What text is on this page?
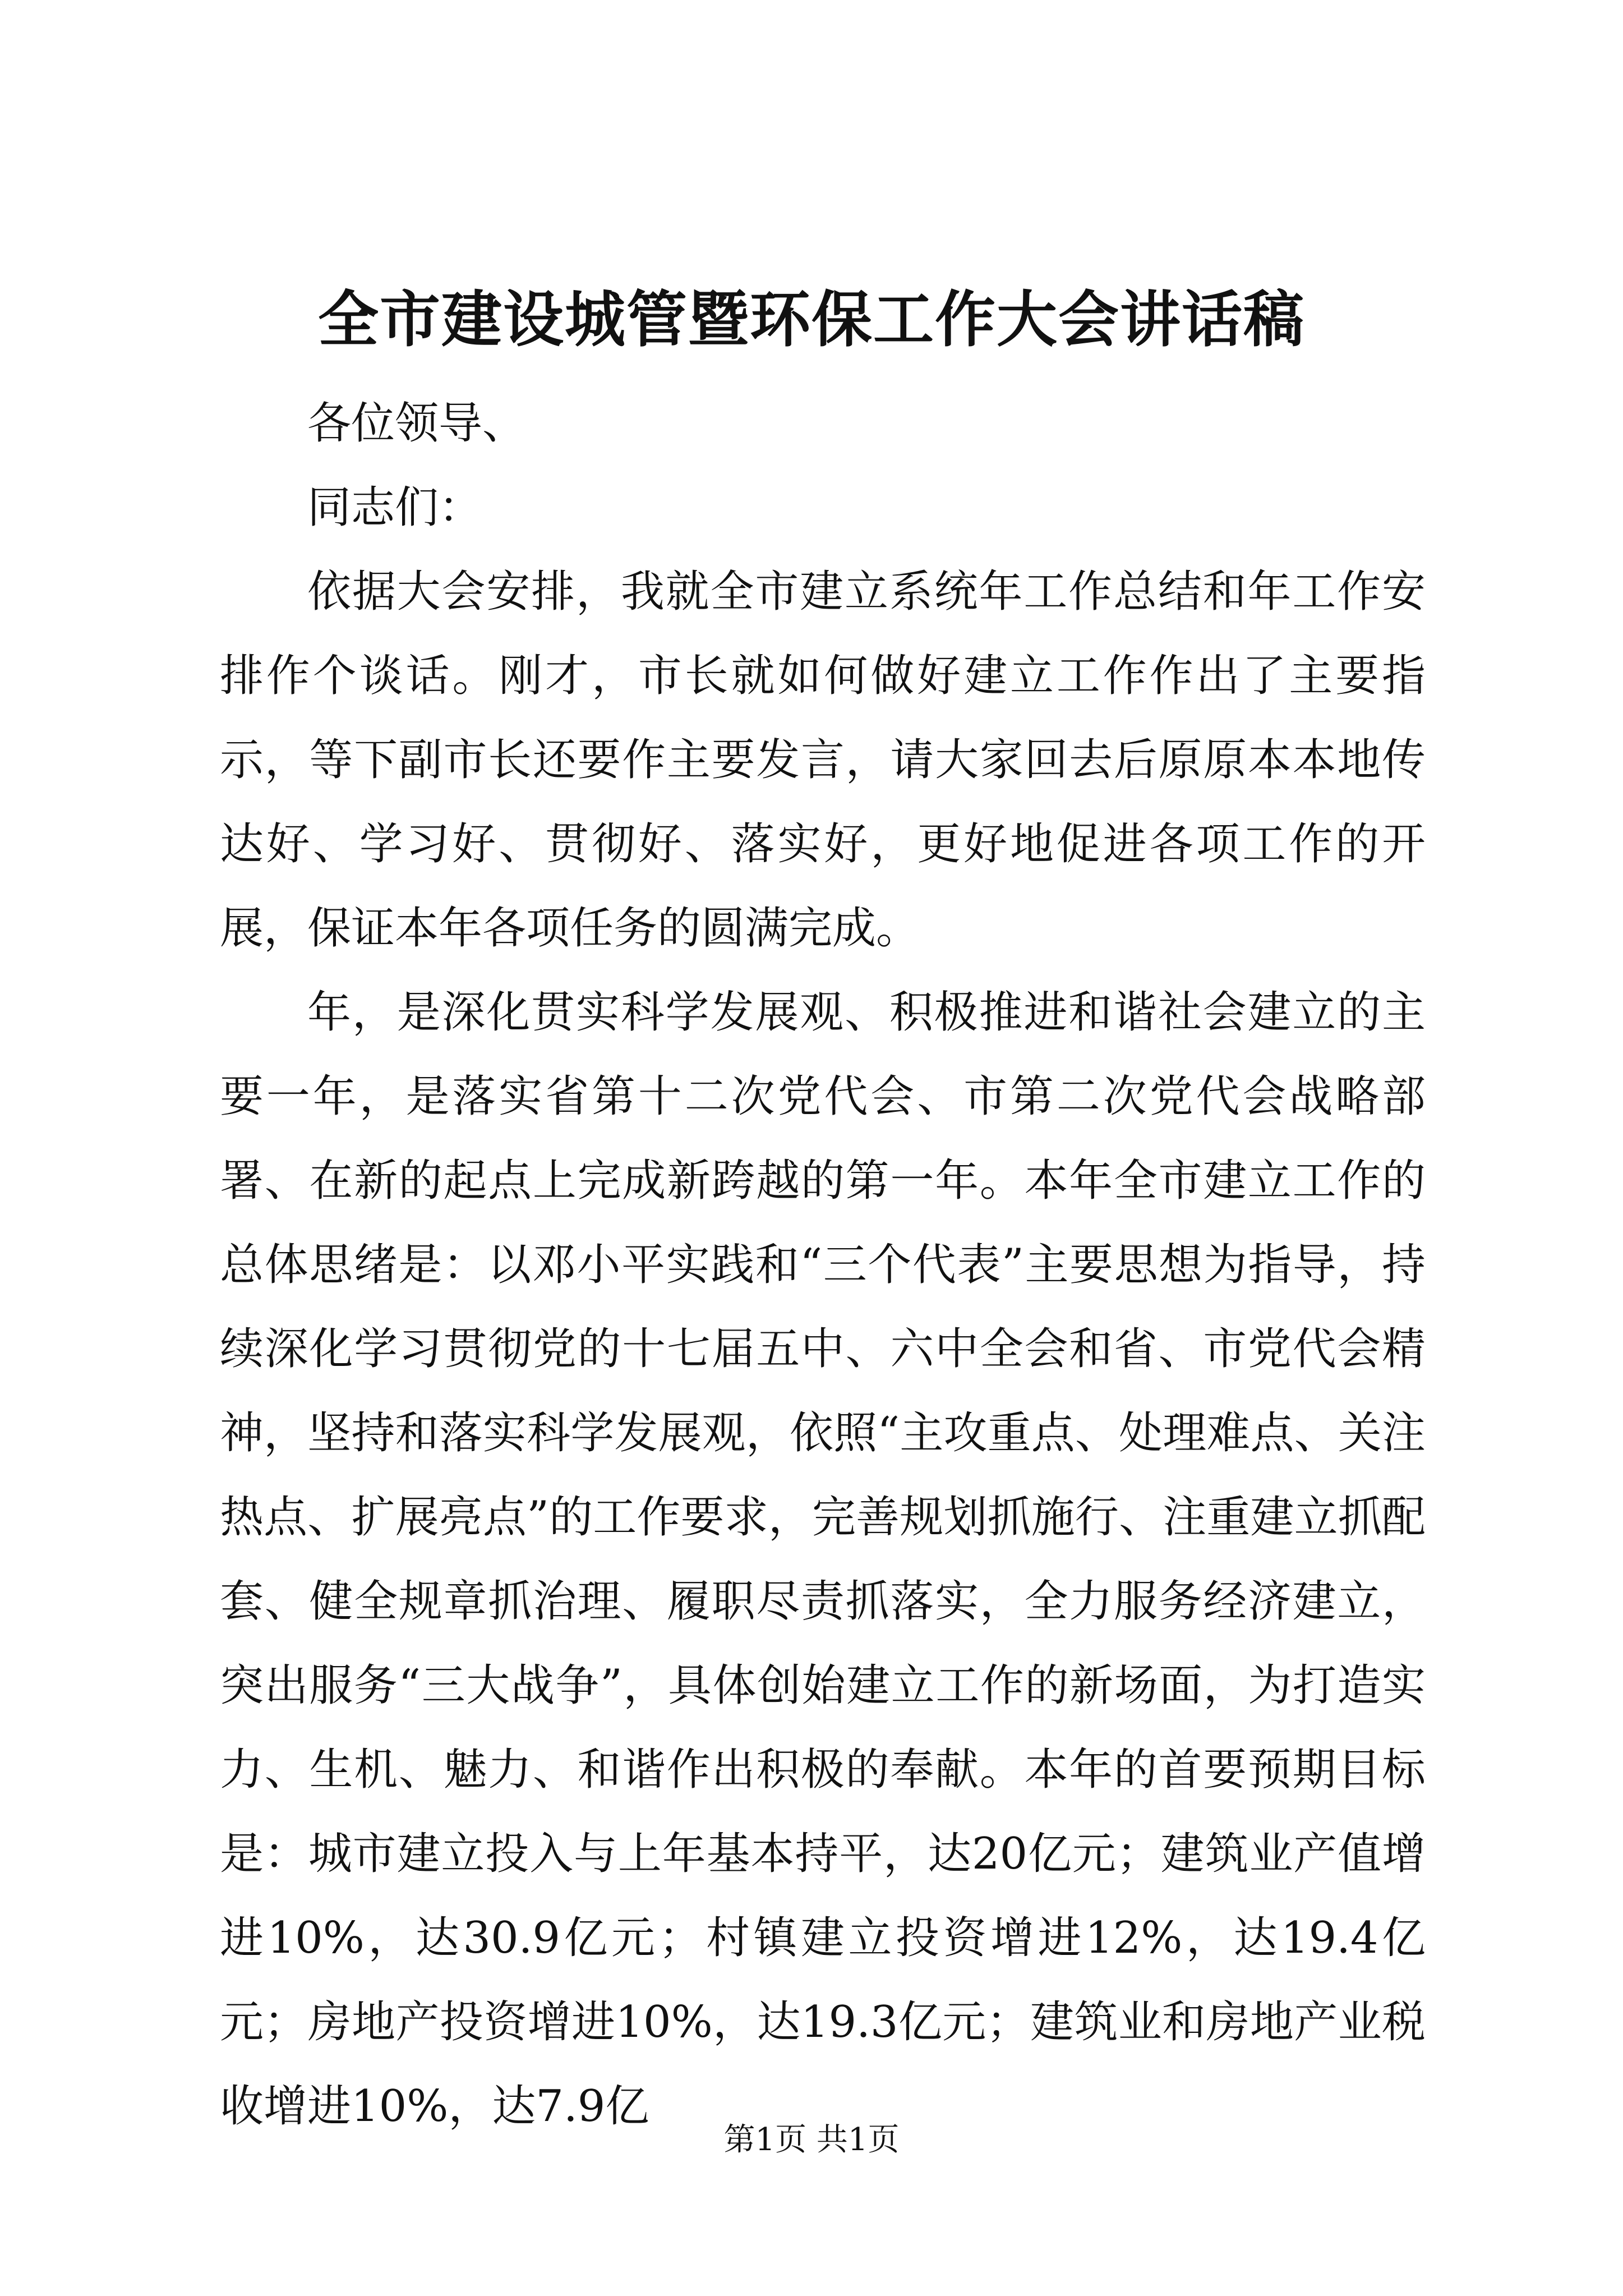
全市建设城管暨环保工作大会讲话稿

各位领导、

同志们：

依据大会安排，我就全市建立系统年工作总结和年工作安排作个谈话。刚才，市长就如何做好建立工作作出了主要指示，等下副市长还要作主要发言，请大家回去后原原本本地传达好、学习好、贯彻好、落实好，更好地促进各项工作的开展，保证本年各项任务的圆满完成。

年，是深化贯实科学发展观、积极推进和谐社会建立的主要一年，是落实省第十二次党代会、市第二次党代会战略部署、在新的起点上完成新跨越的第一年。本年全市建立工作的总体思绪是：以邓小平实践和“三个代表”主要思想为指导，持续深化学习贯彻党的十七届五中、六中全会和省、市党代会精神，坚持和落实科学发展观，依照“主攻重点、处理难点、关注热点、扩展亮点”的工作要求，完善规划抓施行、注重建立抓配套、健全规章抓治理、履职尽责抓落实，全力服务经济建立，突出服务“三大战争”，具体创始建立工作的新场面，为打造实力、生机、魅力、和谐作出积极的奉献。本年的首要预期目标是：城市建立投入与上年基本持平，达20亿元；建筑业产值增进10%，达30.9亿元；村镇建立投资增进12%，达19.4亿元；房地产投资增进10%，达19.3亿元；建筑业和房地产业税收增进10%，达7.9亿

第1页 共1页
